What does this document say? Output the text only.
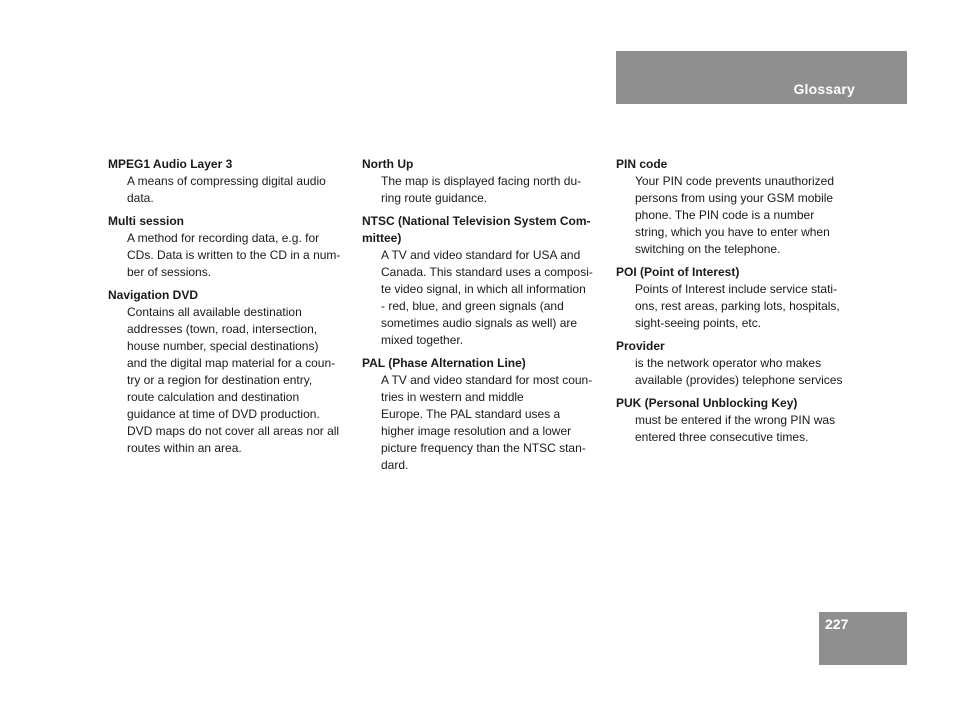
Glossary
227
MPEG1 Audio Layer 3
A means of compressing digital audio
data.
Multi session
A method for recording data, e.g. for
CDs. Data is written to the CD in a num-
ber of sessions.
Navigation DVD
Contains all available destination
addresses (town, road, intersection,
house number, special destinations)
and the digital map material for a coun-
try or a region for destination entry,
route calculation and destination
guidance at time of DVD production.
DVD maps do not cover all areas nor all
routes within an area.
North Up
The map is displayed facing north du-
ring route guidance.
NTSC (National Television System Com-
mittee)
A TV and video standard for USA and
Canada. This standard uses a composi-
te video signal, in which all information
- red, blue, and green signals (and
sometimes audio signals as well) are
mixed together.
PAL (Phase Alternation Line)
A TV and video standard for most coun-
tries in western and middle
Europe. The PAL standard uses a
higher image resolution and a lower
picture frequency than the NTSC stan-
dard.
PIN code
Your PIN code prevents unauthorized
persons from using your GSM mobile
phone. The PIN code is a number
string, which you have to enter when
switching on the telephone.
POI (Point of Interest)
Points of Interest include service stati-
ons, rest areas, parking lots, hospitals,
sight-seeing points, etc.
Provider
is the network operator who makes
available (provides) telephone services
PUK (Personal Unblocking Key)
must be entered if the wrong PIN was
entered three consecutive times.
